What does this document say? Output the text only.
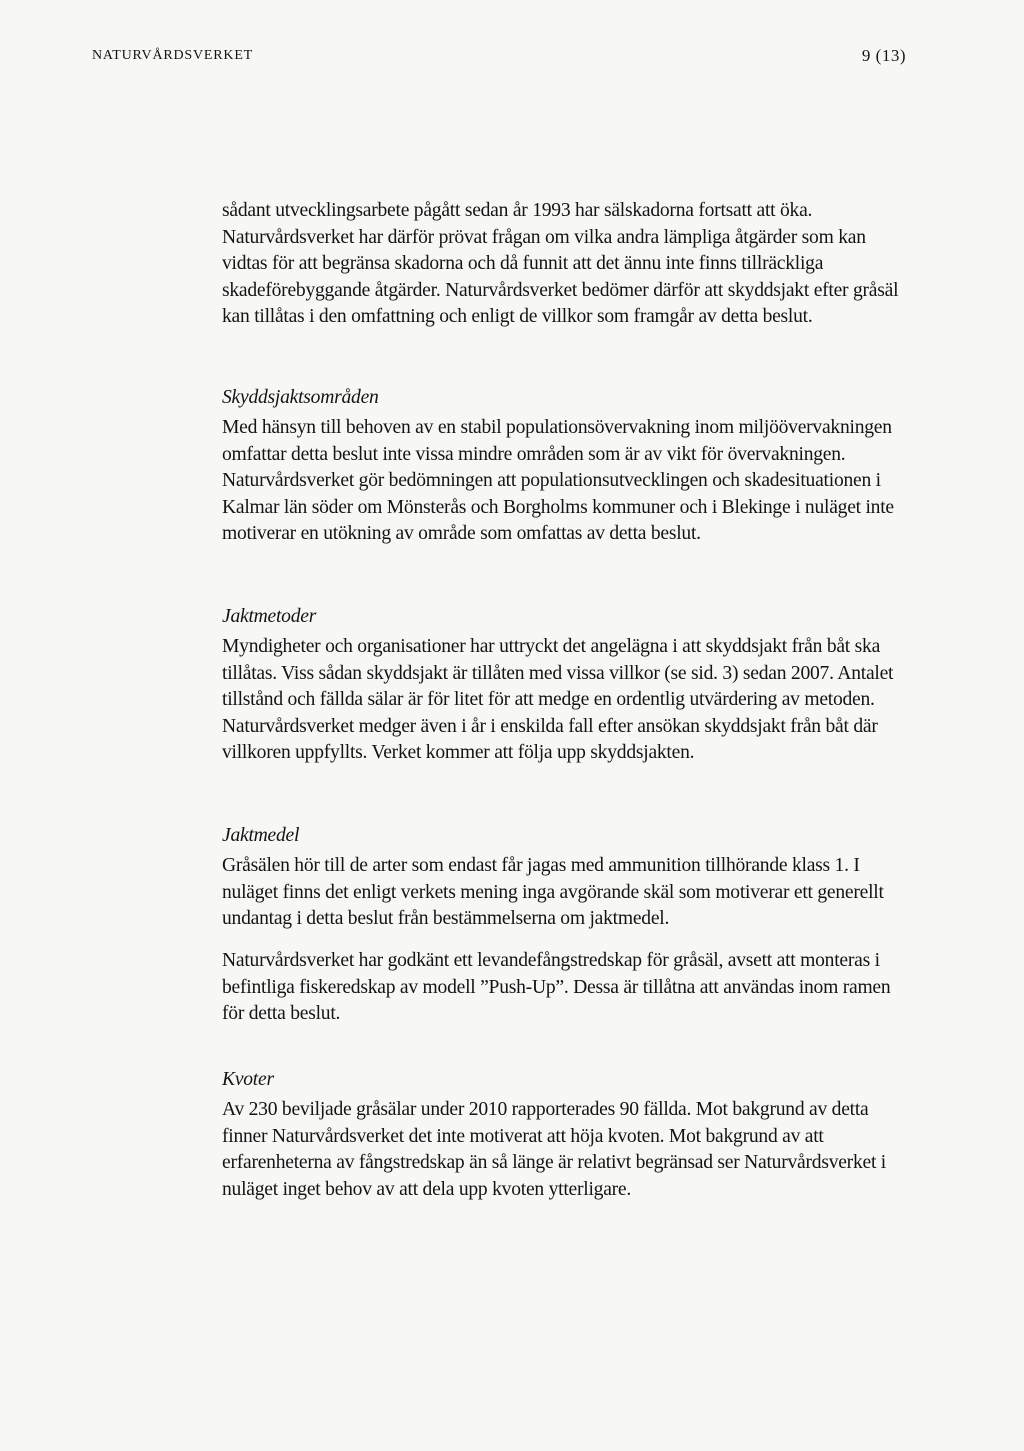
NATURVÅRDSVERKET	9 (13)

sådant utvecklingsarbete pågått sedan år 1993 har sälskadorna fortsatt att öka. Naturvårdsverket har därför prövat frågan om vilka andra lämpliga åtgärder som kan vidtas för att begränsa skadorna och då funnit att det ännu inte finns tillräckliga skadeförebyggande åtgärder. Naturvårdsverket bedömer därför att skyddsjakt efter gråsäl kan tillåtas i den omfattning och enligt de villkor som framgår av detta beslut.

Skyddsjaktsområden

Med hänsyn till behoven av en stabil populationsövervakning inom miljöövervakningen omfattar detta beslut inte vissa mindre områden som är av vikt för övervakningen. Naturvårdsverket gör bedömningen att populationsutvecklingen och skadesituationen i Kalmar län söder om Mönsterås och Borgholms kommuner och i Blekinge i nuläget inte motiverar en utökning av område som omfattas av detta beslut.

Jaktmetoder

Myndigheter och organisationer har uttryckt det angelägna i att skyddsjakt från båt ska tillåtas. Viss sådan skyddsjakt är tillåten med vissa villkor (se sid. 3) sedan 2007. Antalet tillstånd och fällda sälar är för litet för att medge en ordentlig utvärdering av metoden. Naturvårdsverket medger även i år i enskilda fall efter ansökan skyddsjakt från båt där villkoren uppfyllts. Verket kommer att följa upp skyddsjakten.

Jaktmedel

Gråsälen hör till de arter som endast får jagas med ammunition tillhörande klass 1. I nuläget finns det enligt verkets mening inga avgörande skäl som motiverar ett generellt undantag i detta beslut från bestämmelserna om jaktmedel.

Naturvårdsverket har godkänt ett levandefångstredskap för gråsäl, avsett att monteras i befintliga fiskeredskap av modell ”Push-Up”. Dessa är tillåtna att användas inom ramen för detta beslut.

Kvoter

Av 230 beviljade gråsälar under 2010 rapporterades 90 fällda. Mot bakgrund av detta finner Naturvårdsverket det inte motiverat att höja kvoten. Mot bakgrund av att erfarenheterna av fångstredskap än så länge är relativt begränsad ser Naturvårdsverket i nuläget inget behov av att dela upp kvoten ytterligare.
